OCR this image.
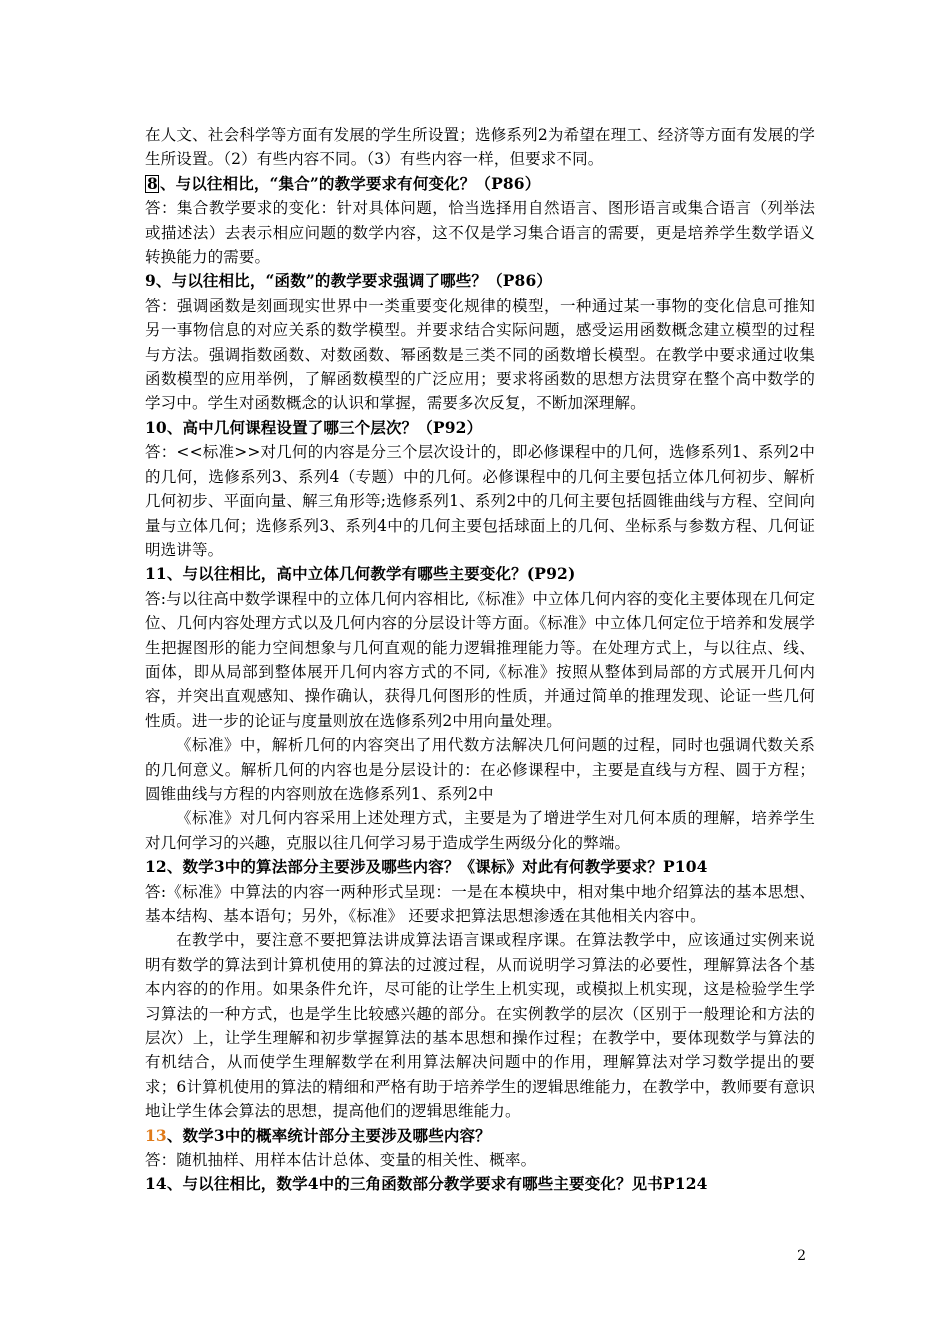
在人文、社会科学等方面有发展的学生所设置；选修系列2为希望在理工、经济等方面有发展的学生所设置。（2）有些内容不同。（3）有些内容一样，但要求不同。

8 、与以往相比，“集合”的教学要求有何变化？（P86）

答：集合教学要求的变化：针对具体问题，恰当选择用自然语言、图形语言或集合语言（列举法或描述法）去表示相应问题的数学内容，这不仅是学习集合语言的需要，更是培养学生数学语义转换能力的需要。

9、与以往相比，“函数”的教学要求强调了哪些？（P86）

答：强调函数是刻画现实世界中一类重要变化规律的模型，一种通过某一事物的变化信息可推知另一事物信息的对应关系的数学模型。并要求结合实际问题，感受运用函数概念建立模型的过程与方法。强调指数函数、对数函数、幂函数是三类不同的函数增长模型。在教学中要求通过收集函数模型的应用举例，了解函数模型的广泛应用；要求将函数的思想方法贯穿在整个高中数学的学习中。学生对函数概念的认识和掌握，需要多次反复，不断加深理解。

10、高中几何课程设置了哪三个层次？（P92）

答：<<标准>>对几何的内容是分三个层次设计的，即必修课程中的几何，选修系列1、系列2中的几何，选修系列3、系列4（专题）中的几何。必修课程中的几何主要包括立体几何初步、解析几何初步、平面向量、解三角形等;选修系列1、系列2中的几何主要包括圆锥曲线与方程、空间向量与立体几何；选修系列3、系列4中的几何主要包括球面上的几何、坐标系与参数方程、几何证明选讲等。

11、与以往相比，高中立体几何教学有哪些主要变化？(P92)

答:与以往高中数学课程中的立体几何内容相比,《标准》中立体几何内容的变化主要体现在几何定位、几何内容处理方式以及几何内容的分层设计等方面。《标准》中立体几何定位于培养和发展学生把握图形的能力空间想象与几何直观的能力逻辑推理能力等。在处理方式上，与以往点、线、面体，即从局部到整体展开几何内容方式的不同,《标准》按照从整体到局部的方式展开几何内容，并突出直观感知、操作确认，获得几何图形的性质，并通过简单的推理发现、论证一些几何性质。进一步的论证与度量则放在选修系列2中用向量处理。

《标准》中，解析几何的内容突出了用代数方法解决几何问题的过程，同时也强调代数关系的几何意义。解析几何的内容也是分层设计的：在必修课程中，主要是直线与方程、圆于方程；圆锥曲线与方程的内容则放在选修系列1、系列2中

《标准》对几何内容采用上述处理方式，主要是为了增进学生对几何本质的理解，培养学生对几何学习的兴趣，克服以往几何学习易于造成学生两级分化的弊端。

12、数学3中的算法部分主要涉及哪些内容？《课标》对此有何教学要求？P104

答:《标准》中算法的内容一两种形式呈现：一是在本模块中，相对集中地介绍算法的基本思想、基本结构、基本语句；另外，《标准》 还要求把算法思想渗透在其他相关内容中。

在教学中，要注意不要把算法讲成算法语言课或程序课。在算法教学中，应该通过实例来说明有数学的算法到计算机使用的算法的过渡过程，从而说明学习算法的必要性，理解算法各个基本内容的的作用。如果条件允许，尽可能的让学生上机实现，或模拟上机实现，这是检验学生学习算法的一种方式，也是学生比较感兴趣的部分。在实例教学的层次（区别于一般理论和方法的层次）上，让学生理解和初步掌握算法的基本思想和操作过程；在教学中，要体现数学与算法的有机结合，从而使学生理解数学在利用算法解决问题中的作用，理解算法对学习数学提出的要求；6计算机使用的算法的精细和严格有助于培养学生的逻辑思维能力，在教学中，教师要有意识地让学生体会算法的思想，提高他们的逻辑思维能力。

13、数学3中的概率统计部分主要涉及哪些内容？

答：随机抽样、用样本估计总体、变量的相关性、概率。

14、与以往相比，数学4中的三角函数部分教学要求有哪些主要变化？见书P124

2
